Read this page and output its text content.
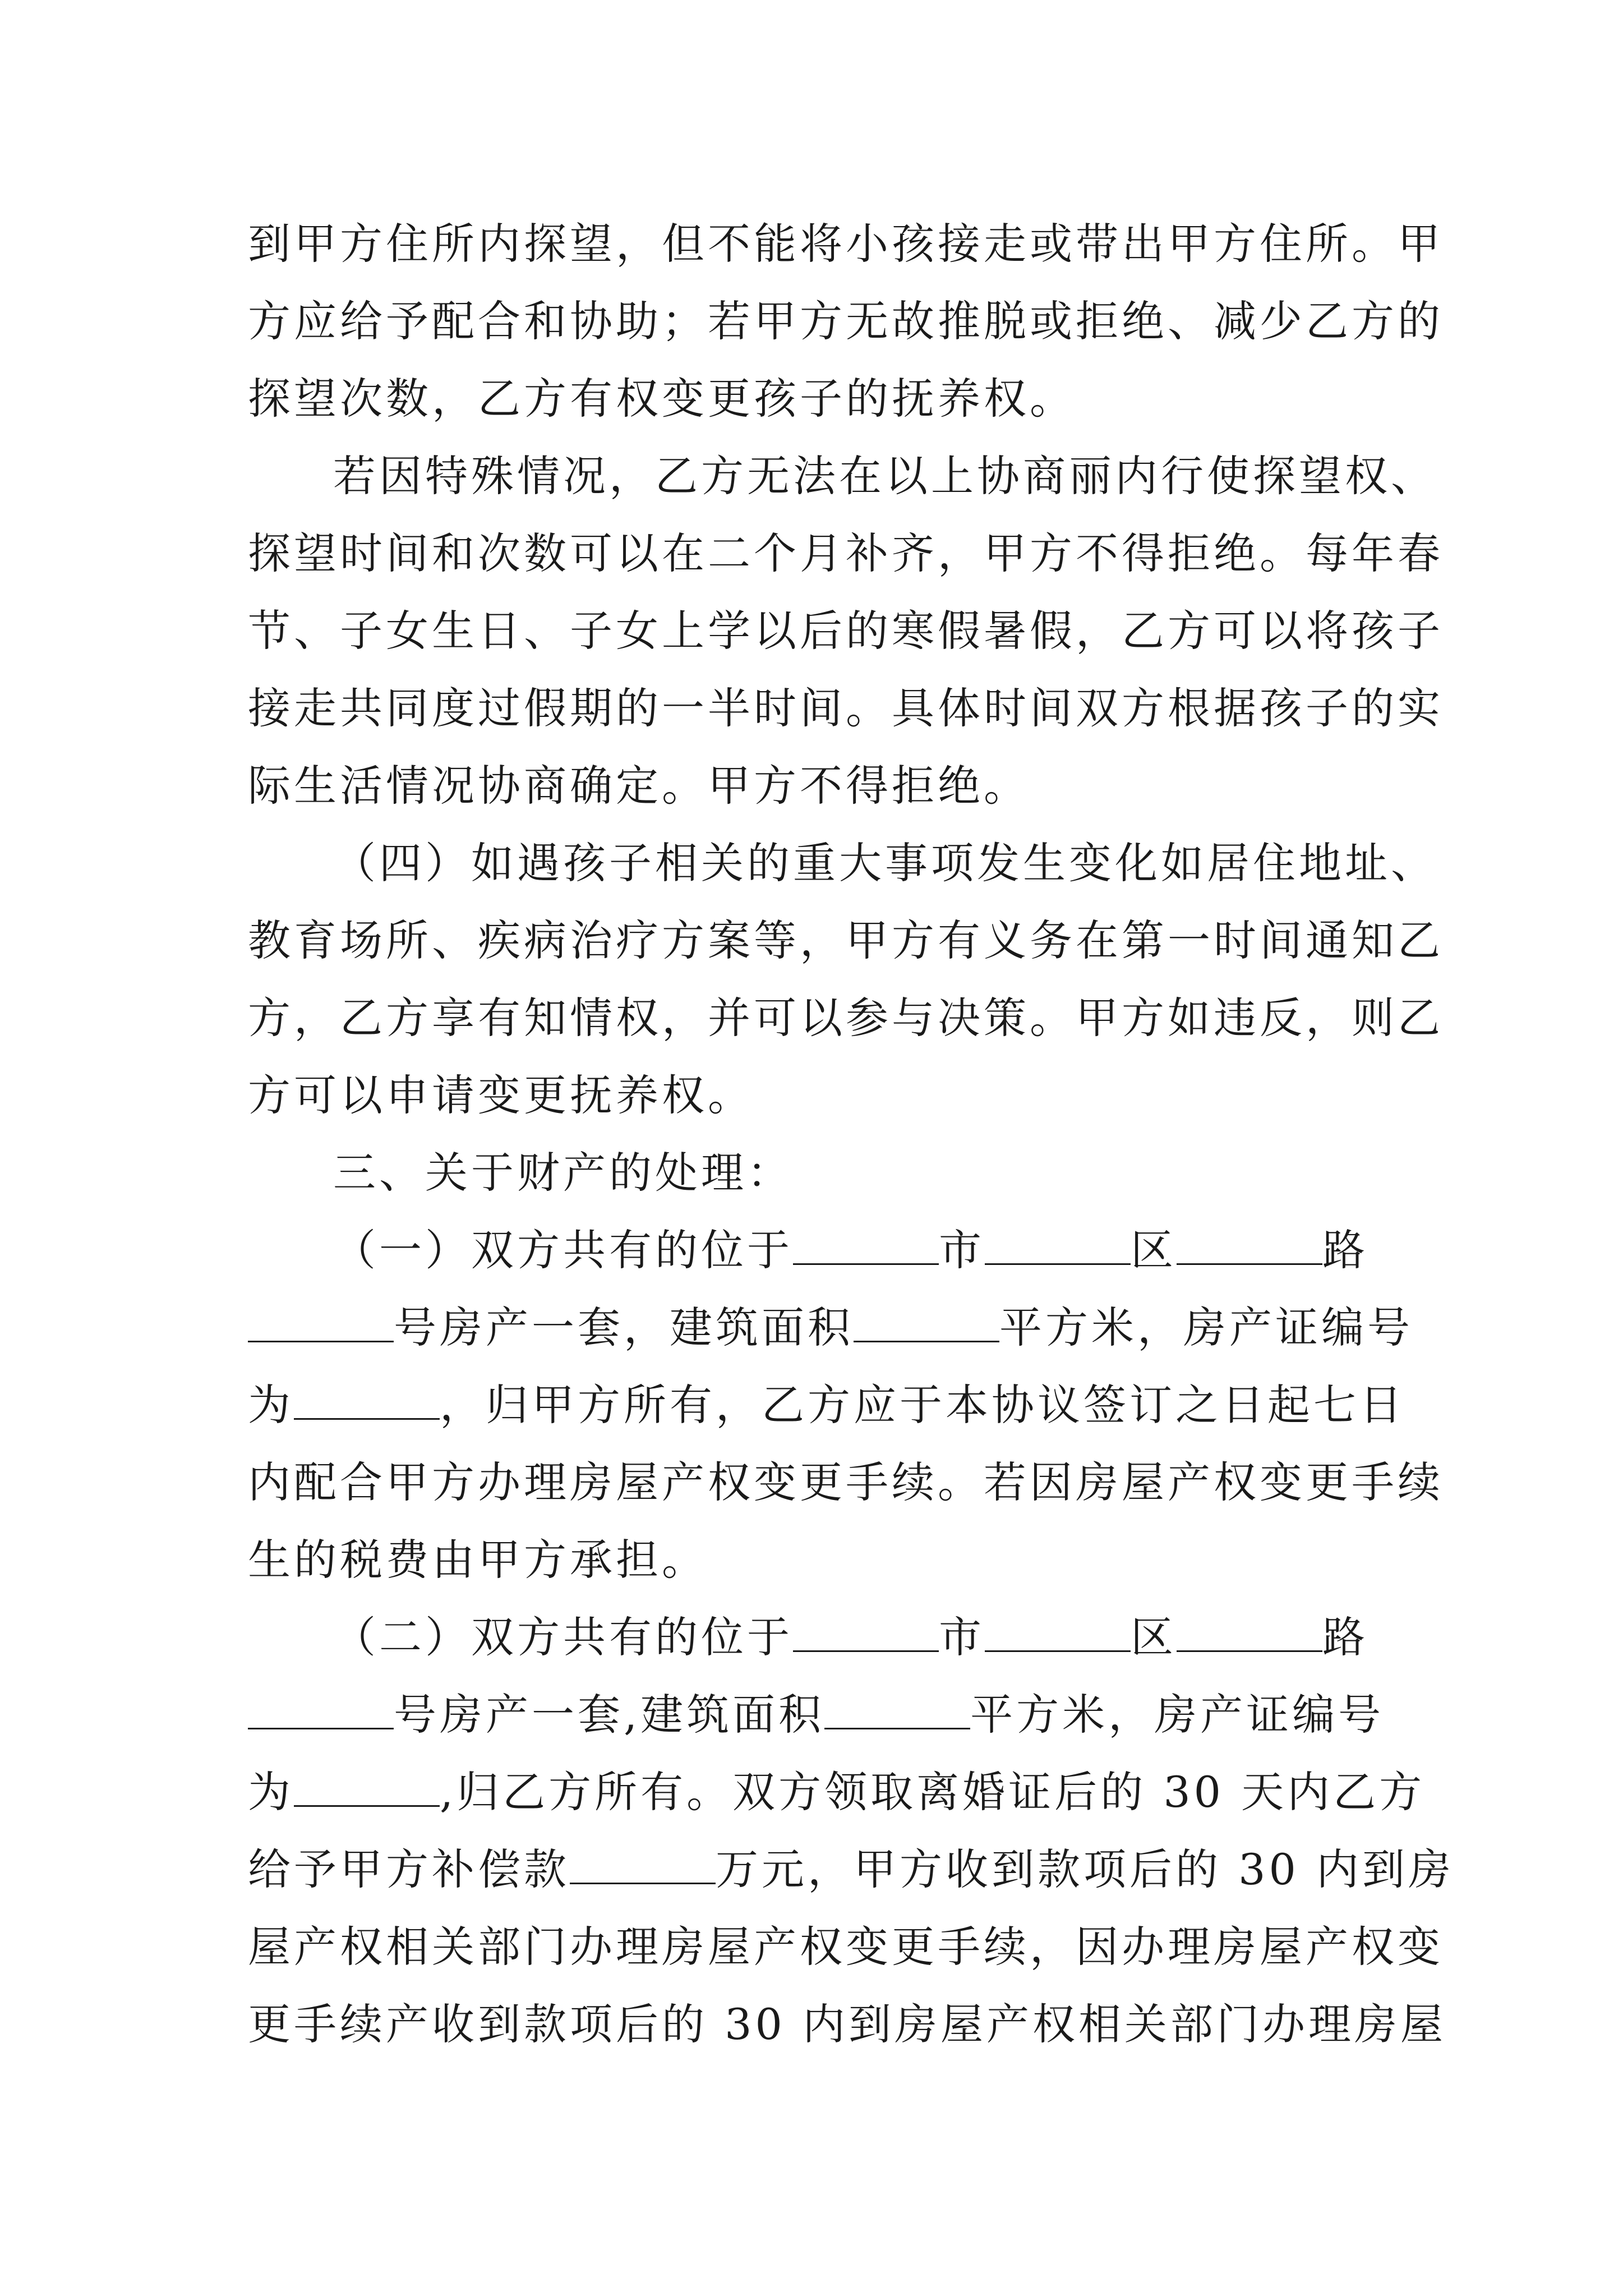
到甲方住所内探望，但不能将小孩接走或带出甲方住所。甲
方应给予配合和协助；若甲方无故推脱或拒绝、减少乙方的
探望次数，乙方有权变更孩子的抚养权。
若因特殊情况，乙方无法在以上协商丽内行使探望权、
探望时间和次数可以在二个月补齐，甲方不得拒绝。每年春
节、子女生日、子女上学以后的寒假暑假，乙方可以将孩子
接走共同度过假期的一半时间。具体时间双方根据孩子的实
际生活情况协商确定。甲方不得拒绝。
（四）如遇孩子相关的重大事项发生变化如居住地址、
教育场所、疾病治疗方案等，甲方有义务在第一时间通知乙
方，乙方享有知情权，并可以参与决策。甲方如违反，则乙
方可以申请变更抚养权。
三、关于财产的处理：
（一）双方共有的位于	市	区	路
号房产一套，建筑面积	平方米，房产证编号
为	，归甲方所有，乙方应于本协议签订之日起七日
内配合甲方办理房屋产权变更手续。若因房屋产权变更手续
生的税费由甲方承担。
（二）双方共有的位于	市	区	路
号房产一套,建筑面积	平方米，房产证编号
为	,归乙方所有。双方领取离婚证后的 30 天内乙方
给予甲方补偿款	万元，甲方收到款项后的 30 内到房
屋产权相关部门办理房屋产权变更手续，因办理房屋产权变
更手续产收到款项后的 30 内到房屋产权相关部门办理房屋
